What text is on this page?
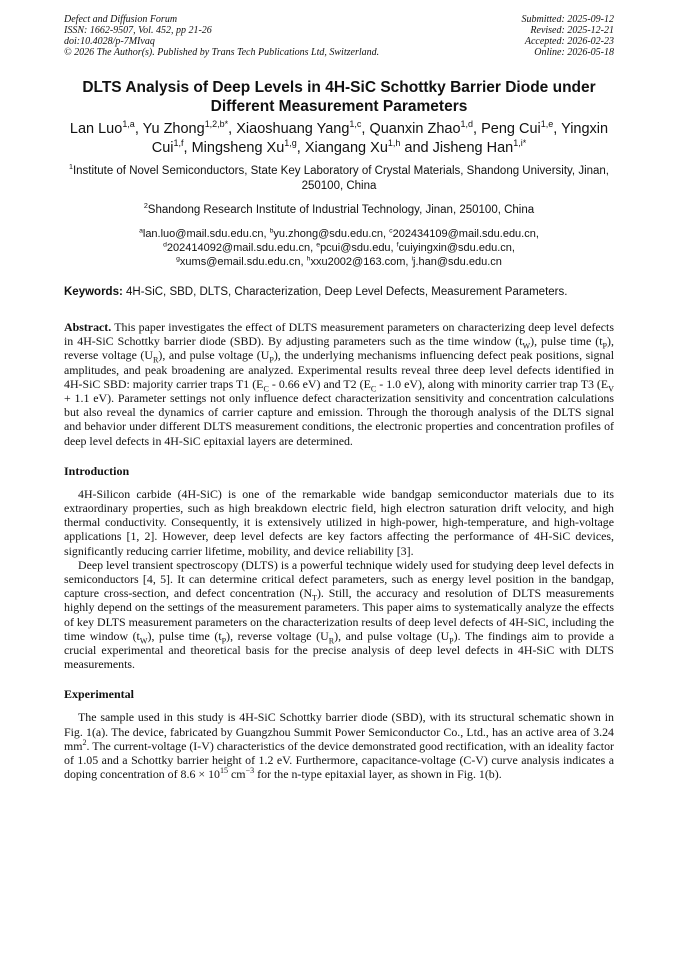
Defect and Diffusion Forum
ISSN: 1662-9507, Vol. 452, pp 21-26
doi:10.4028/p-7MIvaq
© 2026 The Author(s). Published by Trans Tech Publications Ltd, Switzerland.
Submitted: 2025-09-12
Revised: 2025-12-21
Accepted: 2026-02-23
Online: 2026-05-18
DLTS Analysis of Deep Levels in 4H-SiC Schottky Barrier Diode under Different Measurement Parameters
Lan Luo$^{1,a}$, Yu Zhong$^{1,2,b*}$, Xiaoshuang Yang$^{1,c}$, Quanxin Zhao$^{1,d}$, Peng Cui$^{1,e}$, Yingxin Cui$^{1,f}$, Mingsheng Xu$^{1,g}$, Xiangang Xu$^{1,h}$ and Jisheng Han$^{1,i*}$
$^1$Institute of Novel Semiconductors, State Key Laboratory of Crystal Materials, Shandong University, Jinan, 250100, China
$^2$Shandong Research Institute of Industrial Technology, Jinan, 250100, China
$^a$lan.luo@mail.sdu.edu.cn, $^b$yu.zhong@sdu.edu.cn, $^c$202434109@mail.sdu.edu.cn,
$^d$202414092@mail.sdu.edu.cn, $^e$pcui@sdu.edu, $^f$cuiyingxin@sdu.edu.cn,
$^g$xums@email.sdu.edu.cn, $^h$xxu2002@163.com, $^i$j.han@sdu.edu.cn
Keywords: 4H-SiC, SBD, DLTS, Characterization, Deep Level Defects, Measurement Parameters.

Abstract. This paper investigates the effect of DLTS measurement parameters on characterizing deep level defects in 4H-SiC Schottky barrier diode (SBD). By adjusting parameters such as the time window $(t_W)$, pulse time $(t_P)$, reverse voltage $(U_R)$, and pulse voltage $(U_P)$, the underlying mechanisms influencing defect peak positions, signal amplitudes, and peak broadening are analyzed. Experimental results reveal three deep level defects identified in 4H-SiC SBD: majority carrier traps T1 ($E_C - 0.66$ eV) and T2 ($E_C - 1.0$ eV), along with minority carrier trap T3 ($E_V + 1.1$ eV). Parameter settings not only influence defect characterization sensitivity and concentration calculations but also reveal the dynamics of carrier capture and emission. Through the thorough analysis of the DLTS signal and behavior under different DLTS measurement conditions, the electronic properties and concentration profiles of deep level defects in 4H-SiC epitaxial layers are determined.

Introduction

4H-Silicon carbide (4H-SiC) is one of the remarkable wide bandgap semiconductor materials due to its extraordinary properties, such as high breakdown electric field, high electron saturation drift velocity, and high thermal conductivity. Consequently, it is extensively utilized in high-power, high-temperature, and high-voltage applications [1, 2]. However, deep level defects are key factors affecting the performance of 4H-SiC devices, significantly reducing carrier lifetime, mobility, and device reliability [3].

Deep level transient spectroscopy (DLTS) is a powerful technique widely used for studying deep level defects in semiconductors [4, 5]. It can determine critical defect parameters, such as energy level position in the bandgap, capture cross-section, and defect concentration $(N_T)$. Still, the accuracy and resolution of DLTS measurements highly depend on the settings of the measurement parameters. This paper aims to systematically analyze the effects of key DLTS measurement parameters on the characterization results of deep level defects of 4H-SiC, including the time window $(t_W)$, pulse time $(t_P)$, reverse voltage $(U_R)$, and pulse voltage $(U_P)$. The findings aim to provide a crucial experimental and theoretical basis for the precise analysis of deep level defects in 4H-SiC with DLTS measurements.

Experimental

The sample used in this study is 4H-SiC Schottky barrier diode (SBD), with its structural schematic shown in Fig. 1(a). The device, fabricated by Guangzhou Summit Power Semiconductor Co., Ltd., has an active area of 3.24 $mm^2$. The current-voltage (I-V) characteristics of the device demonstrated good rectification, with an ideality factor of 1.05 and a Schottky barrier height of 1.2 eV. Furthermore, capacitance-voltage (C-V) curve analysis indicates a doping concentration of $8.6 \times 10^{15}$ $cm^{-3}$ for the n-type epitaxial layer, as shown in Fig. 1(b).
